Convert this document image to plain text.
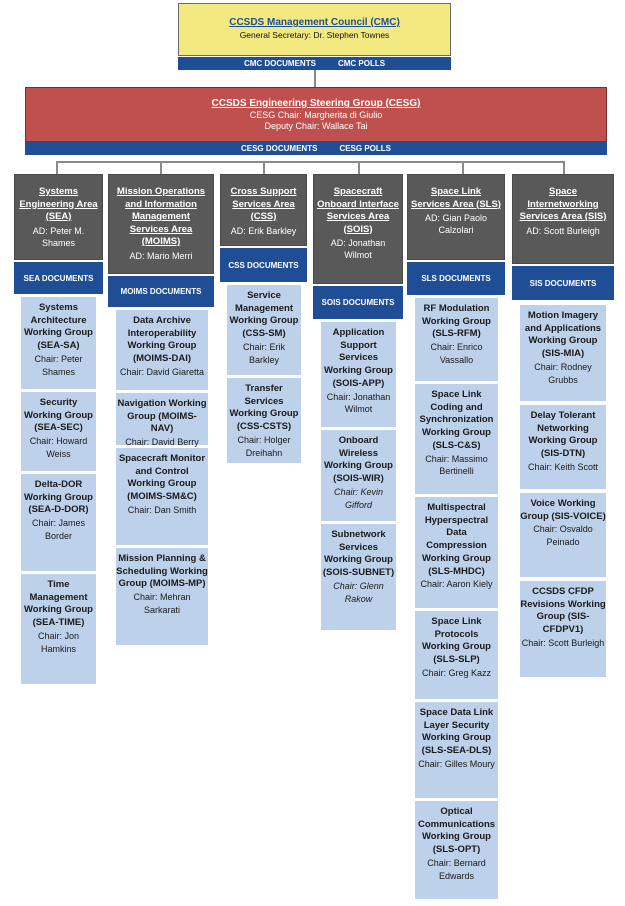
CCSDS Management Council (CMC)
General Secretary: Dr. Stephen Townes
CMC DOCUMENTS	CMC POLLS
CCSDS Engineering Steering Group (CESG)
CESG Chair: Margherita di Giulio
Deputy Chair: Wallace Tai
CESG DOCUMENTS	CESG POLLS
Systems Engineering Area (SEA)
AD: Peter M. Shames
SEA DOCUMENTS
Systems Architecture Working Group (SEA-SA)
Chair: Peter Shames
Security Working Group (SEA-SEC)
Chair: Howard Weiss
Delta-DOR Working Group (SEA-D-DOR)
Chair: James Border
Time Management Working Group (SEA-TIME)
Chair: Jon Hamkins
Mission Operations and Information Management Services Area (MOIMS)
AD: Mario Merri
MOIMS DOCUMENTS
Data Archive Interoperability Working Group (MOIMS-DAI)
Chair: David Giaretta
Navigation Working Group (MOIMS-NAV)
Chair: David Berry
Spacecraft Monitor and Control Working Group (MOIMS-SM&C)
Chair: Dan Smith
Mission Planning & Scheduling Working Group (MOIMS-MP)
Chair: Mehran Sarkarati
Cross Support Services Area (CSS)
AD: Erik Barkley
CSS DOCUMENTS
Service Management Working Group (CSS-SM)
Chair: Erik Barkley
Transfer Services Working Group (CSS-CSTS)
Chair: Holger Dreihahn
Spacecraft Onboard Interface Services Area (SOIS)
AD: Jonathan Wilmot
SOIS DOCUMENTS
Application Support Services Working Group (SOIS-APP)
Chair: Jonathan Wilmot
Onboard Wireless Working Group (SOIS-WIR)
Chair: Kevin Gifford
Subnetwork Services Working Group (SOIS-SUBNET)
Chair: Glenn Rakow
Space Link Services Area (SLS)
AD: Gian Paolo Calzolari
SLS DOCUMENTS
RF Modulation Working Group (SLS-RFM)
Chair: Enrico Vassallo
Space Link Coding and Synchronization Working Group (SLS-C&S)
Chair: Massimo Bertinelli
Multispectral Hyperspectral Data Compression Working Group (SLS-MHDC)
Chair: Aaron Kiely
Space Link Protocols Working Group (SLS-SLP)
Chair: Greg Kazz
Space Data Link Layer Security Working Group (SLS-SEA-DLS)
Chair: Gilles Moury
Optical Communications Working Group (SLS-OPT)
Chair: Bernard Edwards
Space Internetworking Services Area (SIS)
AD: Scott Burleigh
SIS DOCUMENTS
Motion Imagery and Applications Working Group (SIS-MIA)
Chair: Rodney Grubbs
Delay Tolerant Networking Working Group (SIS-DTN)
Chair: Keith Scott
Voice Working Group (SIS-VOICE)
Chair: Osvaldo Peinado
CCSDS CFDP Revisions Working Group (SIS-CFDPV1)
Chair: Scott Burleigh
